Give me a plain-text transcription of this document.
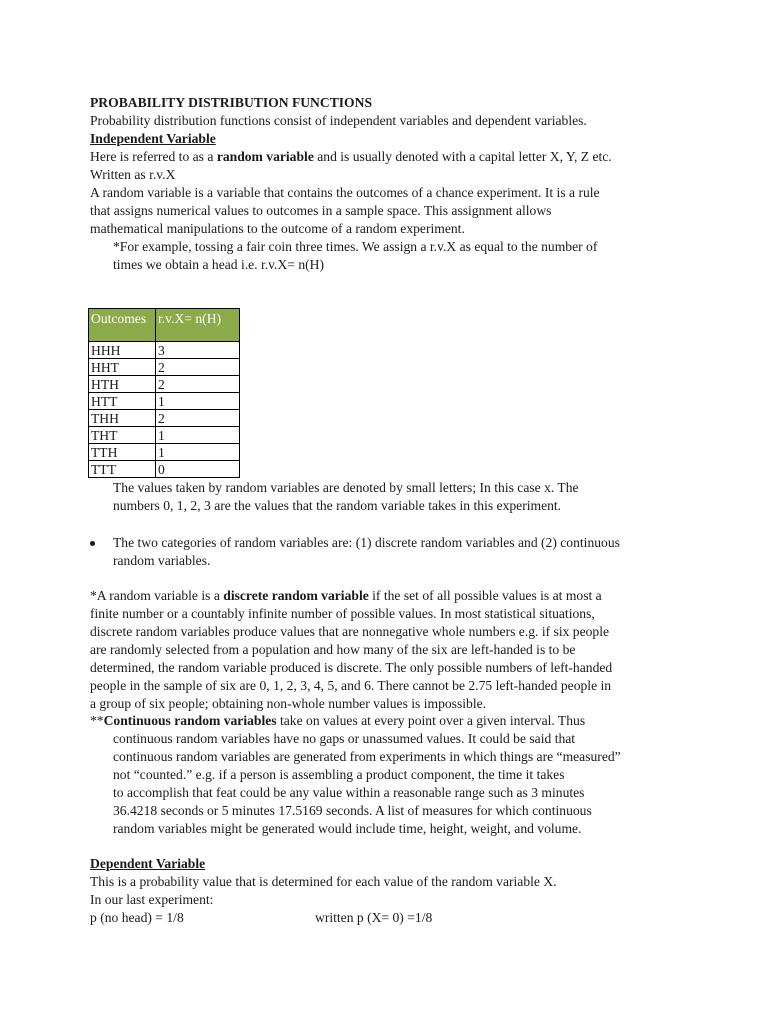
PROBABILITY DISTRIBUTION FUNCTIONS
Probability distribution functions consist of independent variables and dependent variables.
Independent Variable
Here is referred to as a random variable and is usually denoted with a capital letter X, Y, Z etc.
Written as r.v.X
A random variable is a variable that contains the outcomes of a chance experiment. It is a rule
that assigns numerical values to outcomes in a sample space. This assignment allows
mathematical manipulations to the outcome of a random experiment.
*For example, tossing a fair coin three times. We assign a r.v.X as equal to the number of
times we obtain a head i.e. r.v.X= n(H)
Outcomes	r.v.X= n(H)
HHH	3
HHT	2
HTH	2
HTT	1
THH	2
THT	1
TTH	1
TTT	0
The values taken by random variables are denoted by small letters; In this case x. The
numbers 0, 1, 2, 3 are the values that the random variable takes in this experiment.
The two categories of random variables are: (1) discrete random variables and (2) continuous
random variables.
*A random variable is a discrete random variable if the set of all possible values is at most a
finite number or a countably infinite number of possible values. In most statistical situations,
discrete random variables produce values that are nonnegative whole numbers e.g. if six people
are randomly selected from a population and how many of the six are left-handed is to be
determined, the random variable produced is discrete. The only possible numbers of left-handed
people in the sample of six are 0, 1, 2, 3, 4, 5, and 6. There cannot be 2.75 left-handed people in
a group of six people; obtaining non-whole number values is impossible.
**Continuous random variables take on values at every point over a given interval. Thus
continuous random variables have no gaps or unassumed values. It could be said that
continuous random variables are generated from experiments in which things are “measured”
not “counted.” e.g. if a person is assembling a product component, the time it takes
to accomplish that feat could be any value within a reasonable range such as 3 minutes
36.4218 seconds or 5 minutes 17.5169 seconds. A list of measures for which continuous
random variables might be generated would include time, height, weight, and volume.
Dependent Variable
This is a probability value that is determined for each value of the random variable X.
In our last experiment:
p (no head) = 1/8	written p (X= 0) =1/8
